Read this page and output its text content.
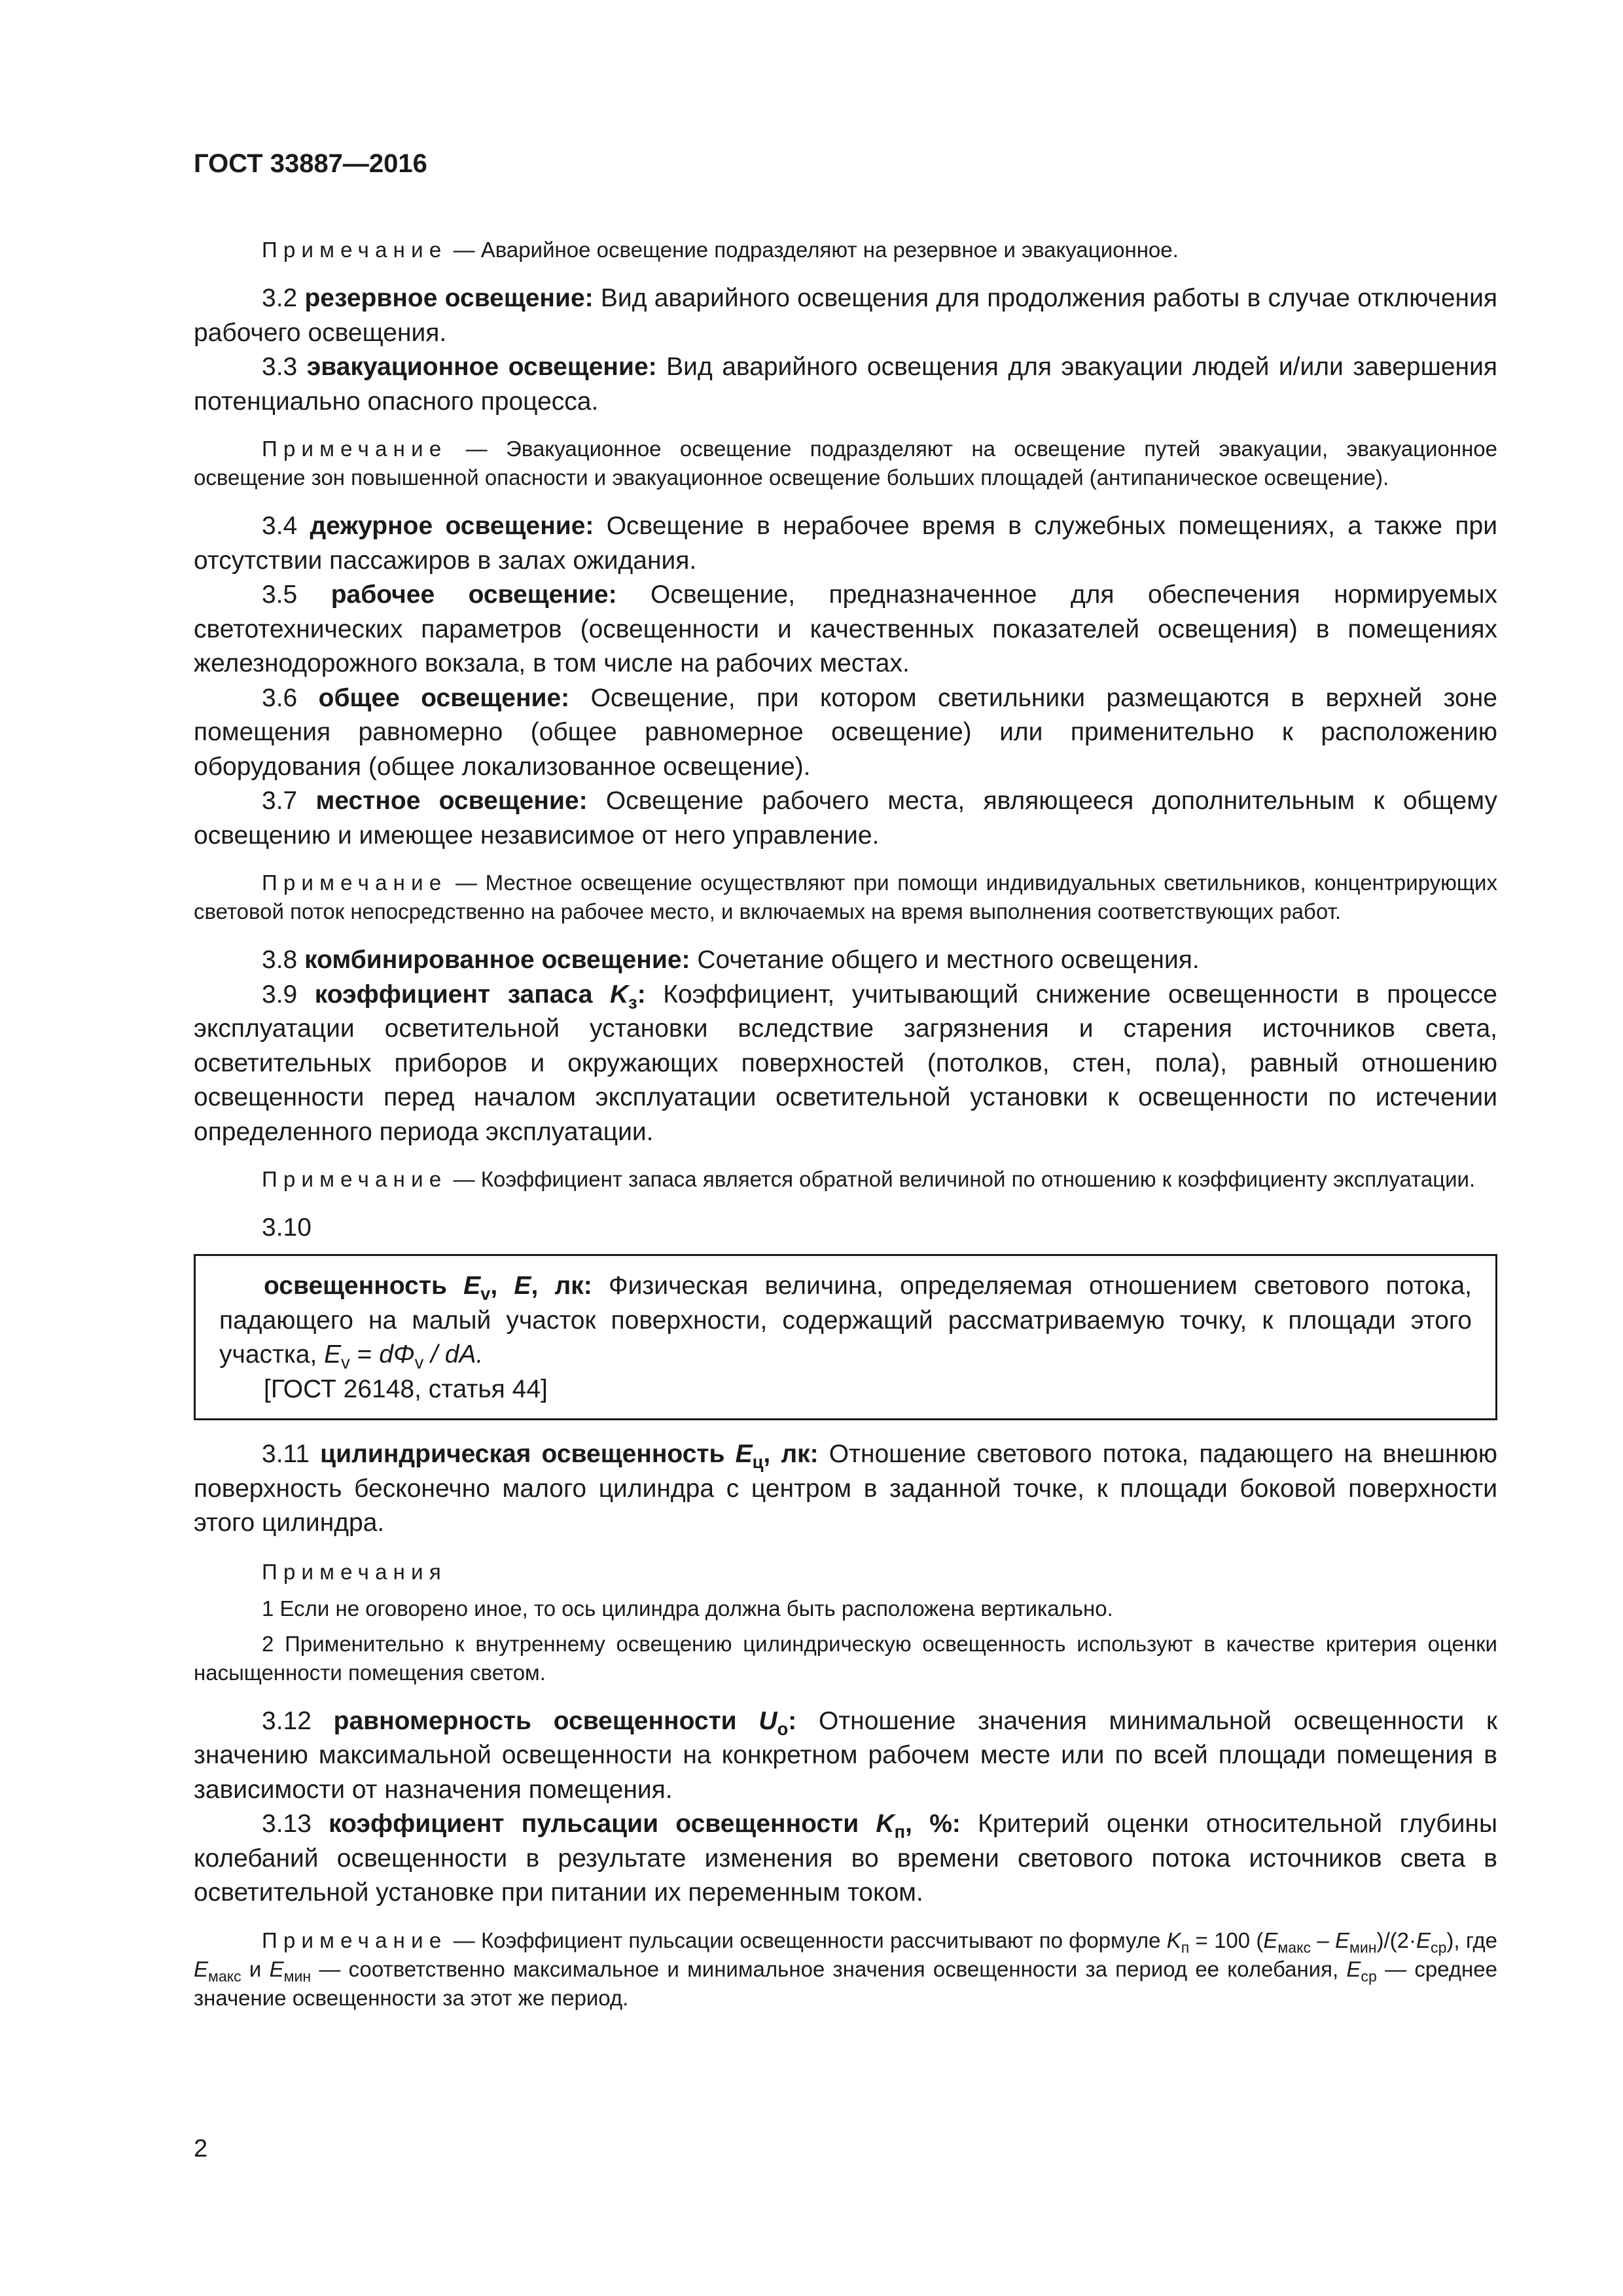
ГОСТ 33887—2016

Примечание — Аварийное освещение подразделяют на резервное и эвакуационное.

3.2 резервное освещение: Вид аварийного освещения для продолжения работы в случае отключения рабочего освещения.

3.3 эвакуационное освещение: Вид аварийного освещения для эвакуации людей и/или завершения потенциально опасного процесса.

Примечание — Эвакуационное освещение подразделяют на освещение путей эвакуации, эвакуационное освещение зон повышенной опасности и эвакуационное освещение больших площадей (антипаническое освещение).

3.4 дежурное освещение: Освещение в нерабочее время в служебных помещениях, а также при отсутствии пассажиров в залах ожидания.

3.5 рабочее освещение: Освещение, предназначенное для обеспечения нормируемых светотехнических параметров (освещенности и качественных показателей освещения) в помещениях железнодорожного вокзала, в том числе на рабочих местах.

3.6 общее освещение: Освещение, при котором светильники размещаются в верхней зоне помещения равномерно (общее равномерное освещение) или применительно к расположению оборудования (общее локализованное освещение).

3.7 местное освещение: Освещение рабочего места, являющееся дополнительным к общему освещению и имеющее независимое от него управление.

Примечание — Местное освещение осуществляют при помощи индивидуальных светильников, концентрирующих световой поток непосредственно на рабочее место, и включаемых на время выполнения соответствующих работ.

3.8 комбинированное освещение: Сочетание общего и местного освещения.

3.9 коэффициент запаса $K_з$: Коэффициент, учитывающий снижение освещенности в процессе эксплуатации осветительной установки вследствие загрязнения и старения источников света, осветительных приборов и окружающих поверхностей (потолков, стен, пола), равный отношению освещенности перед началом эксплуатации осветительной установки к освещенности по истечении определенного периода эксплуатации.

Примечание — Коэффициент запаса является обратной величиной по отношению к коэффициенту эксплуатации.

3.10

освещенность $E_v$, E, лк: Физическая величина, определяемая отношением светового потока, падающего на малый участок поверхности, содержащий рассматриваемую точку, к площади этого участка, $E_v = d\Phi_v$ / dA.

[ГОСТ 26148, статья 44]

3.11 цилиндрическая освещенность $E_ц$, лк: Отношение светового потока, падающего на внешнюю поверхность бесконечно малого цилиндра с центром в заданной точке, к площади боковой поверхности этого цилиндра.

Примечания

1 Если не оговорено иное, то ось цилиндра должна быть расположена вертикально.

2 Применительно к внутреннему освещению цилиндрическую освещенность используют в качестве критерия оценки насыщенности помещения светом.

3.12 равномерность освещенности $U_o$: Отношение значения минимальной освещенности к значению максимальной освещенности на конкретном рабочем месте или по всей площади помещения в зависимости от назначения помещения.

3.13 коэффициент пульсации освещенности $K_п$, %: Критерий оценки относительной глубины колебаний освещенности в результате изменения во времени светового потока источников света в осветительной установке при питании их переменным током.

Примечание — Коэффициент пульсации освещенности рассчитывают по формуле $K_п = 100$ $(E_{макс} - E_{мин})/(2\cdot E_{ср})$, где $E_{макс}$ и $E_{мин}$ — соответственно максимальное и минимальное значения освещенности за период ее колебания, $E_{ср}$ — среднее значение освещенности за этот же период.

2
